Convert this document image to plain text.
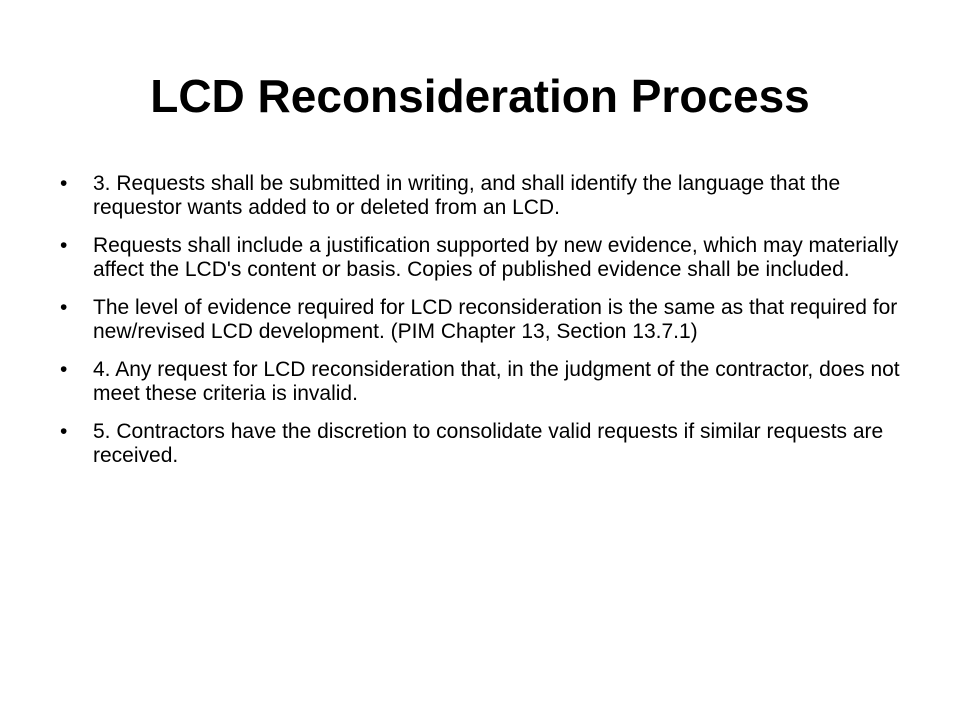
LCD Reconsideration Process
• 3. Requests shall be submitted in writing, and shall identify the language that the requestor wants added to or deleted from an LCD.
• Requests shall include a justification supported by new evidence, which may materially affect the LCD's content or basis. Copies of published evidence shall be included.
• The level of evidence required for LCD reconsideration is the same as that required for new/revised LCD development. (PIM Chapter 13, Section 13.7.1)
• 4. Any request for LCD reconsideration that, in the judgment of the contractor, does not meet these criteria is invalid.
• 5. Contractors have the discretion to consolidate valid requests if similar requests are received.
